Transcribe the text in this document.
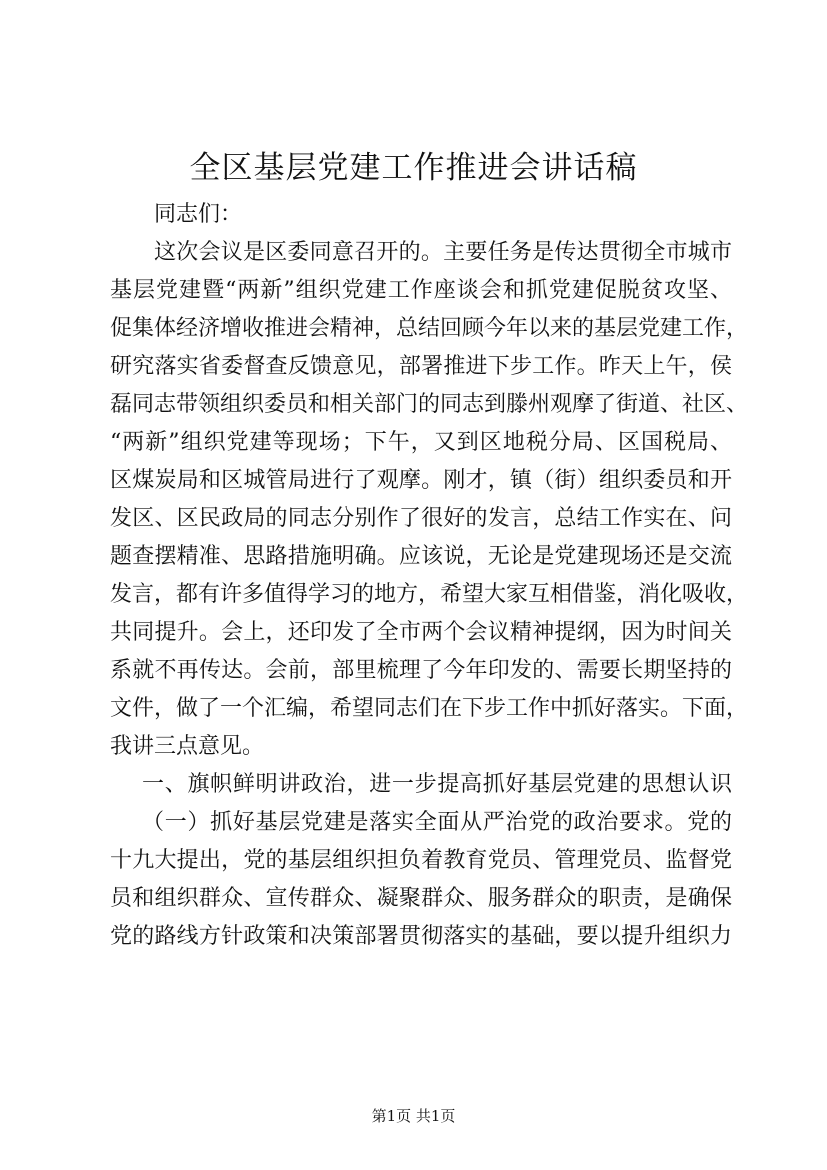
全区基层党建工作推进会讲话稿
同志们：
这次会议是区委同意召开的。主要任务是传达贯彻全市城市
基层党建暨“两新”组织党建工作座谈会和抓党建促脱贫攻坚、
促集体经济增收推进会精神，总结回顾今年以来的基层党建工作，
研究落实省委督查反馈意见，部署推进下步工作。昨天上午，侯
磊同志带领组织委员和相关部门的同志到滕州观摩了街道、社区、
“两新”组织党建等现场；下午，又到区地税分局、区国税局、
区煤炭局和区城管局进行了观摩。刚才，镇（街）组织委员和开
发区、区民政局的同志分别作了很好的发言，总结工作实在、问
题查摆精准、思路措施明确。应该说，无论是党建现场还是交流
发言，都有许多值得学习的地方，希望大家互相借鉴，消化吸收，
共同提升。会上，还印发了全市两个会议精神提纲，因为时间关
系就不再传达。会前，部里梳理了今年印发的、需要长期坚持的
文件，做了一个汇编，希望同志们在下步工作中抓好落实。下面，
我讲三点意见。
一、旗帜鲜明讲政治，进一步提高抓好基层党建的思想认识
（一）抓好基层党建是落实全面从严治党的政治要求。党的
十九大提出，党的基层组织担负着教育党员、管理党员、监督党
员和组织群众、宣传群众、凝聚群众、服务群众的职责，是确保
党的路线方针政策和决策部署贯彻落实的基础，要以提升组织力
第1页 共1页
